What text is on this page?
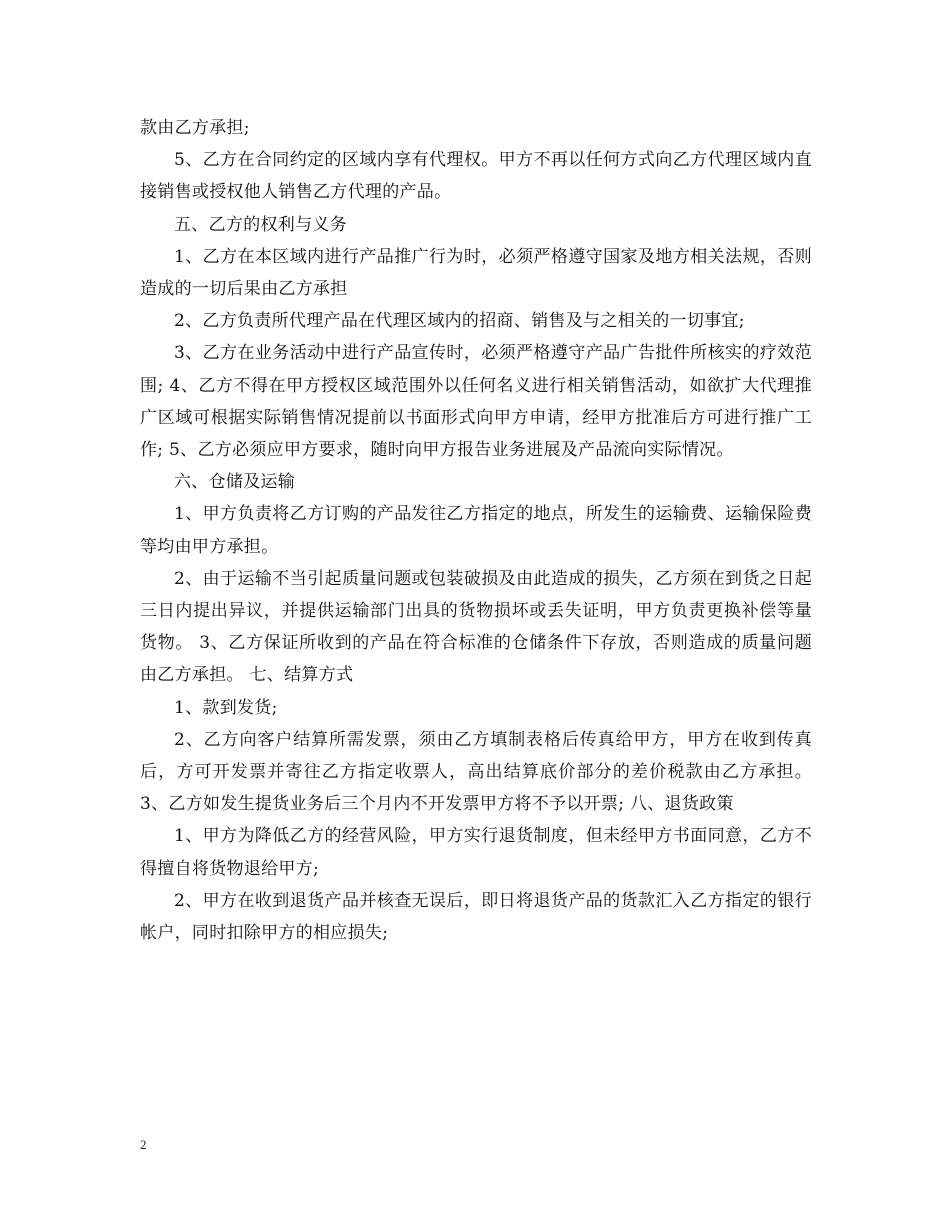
款由乙方承担;

5、乙方在合同约定的区域内享有代理权。甲方不再以任何方式向乙方代理区域内直接销售或授权他人销售乙方代理的产品。

五、乙方的权利与义务

1、乙方在本区域内进行产品推广行为时，必须严格遵守国家及地方相关法规，否则造成的一切后果由乙方承担

2、乙方负责所代理产品在代理区域内的招商、销售及与之相关的一切事宜;

3、乙方在业务活动中进行产品宣传时，必须严格遵守产品广告批件所核实的疗效范围; 4、乙方不得在甲方授权区域范围外以任何名义进行相关销售活动，如欲扩大代理推广区域可根据实际销售情况提前以书面形式向甲方申请，经甲方批准后方可进行推广工作; 5、乙方必须应甲方要求，随时向甲方报告业务进展及产品流向实际情况。

六、仓储及运输

1、甲方负责将乙方订购的产品发往乙方指定的地点，所发生的运输费、运输保险费等均由甲方承担。

2、由于运输不当引起质量问题或包装破损及由此造成的损失，乙方须在到货之日起三日内提出异议，并提供运输部门出具的货物损坏或丢失证明，甲方负责更换补偿等量货物。 3、乙方保证所收到的产品在符合标准的仓储条件下存放，否则造成的质量问题由乙方承担。 七、结算方式

1、款到发货;

2、乙方向客户结算所需发票，须由乙方填制表格后传真给甲方，甲方在收到传真后，方可开发票并寄往乙方指定收票人，高出结算底价部分的差价税款由乙方承担。 3、乙方如发生提货业务后三个月内不开发票甲方将不予以开票; 八、退货政策

1、甲方为降低乙方的经营风险，甲方实行退货制度，但未经甲方书面同意，乙方不得擅自将货物退给甲方;

2、甲方在收到退货产品并核查无误后，即日将退货产品的货款汇入乙方指定的银行帐户，同时扣除甲方的相应损失;

2
